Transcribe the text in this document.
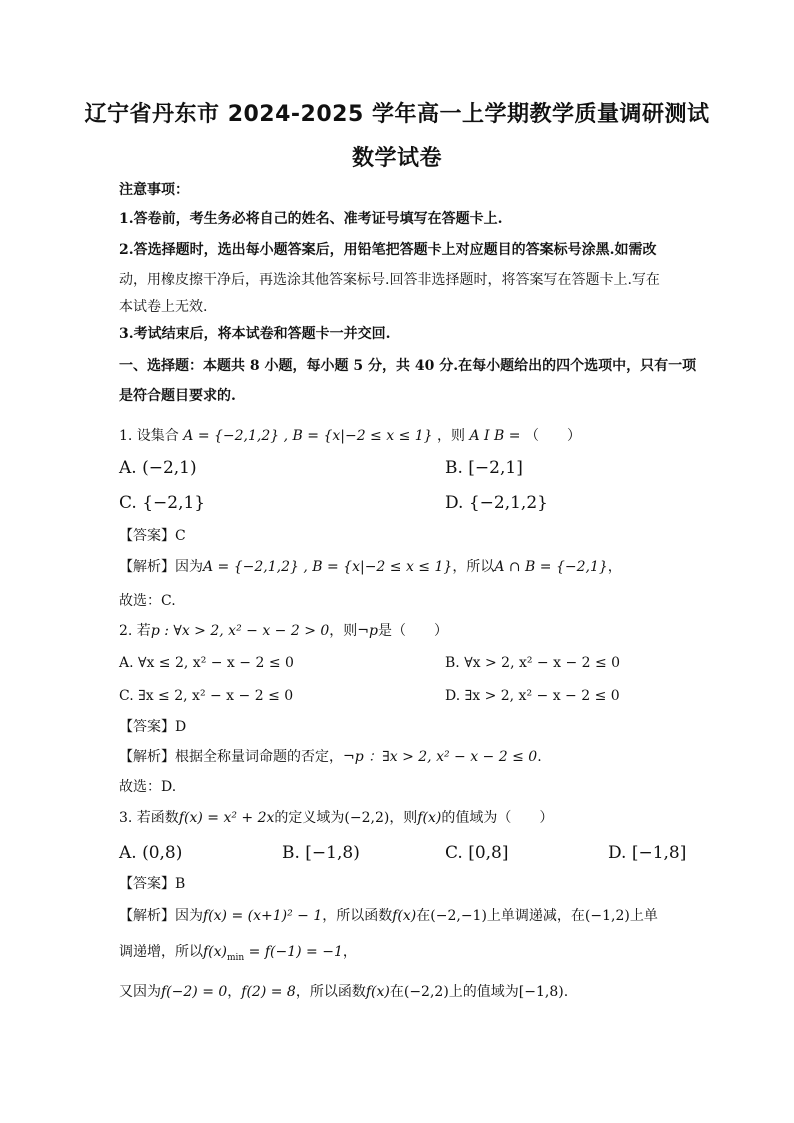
辽宁省丹东市 2024-2025 学年高一上学期教学质量调研测试
数学试卷
注意事项：
1.答卷前，考生务必将自己的姓名、准考证号填写在答题卡上.
2.答选择题时，选出每小题答案后，用铅笔把答题卡上对应题目的答案标号涂黑.如需改
动，用橡皮擦干净后，再选涂其他答案标号.回答非选择题时，将答案写在答题卡上.写在
本试卷上无效.
3.考试结束后，将本试卷和答题卡一并交回.
一、选择题：本题共 8 小题，每小题 5 分，共 40 分.在每小题给出的四个选项中，只有一项
是符合题目要求的.
1. 设集合 A = {−2,1,2} , B = {x|−2 ≤ x ≤ 1} ，则 A I B = （　　）
A. (−2,1)	B. [−2,1]
C. {−2,1}	D. {−2,1,2}
【答案】C
【解析】因为A = {−2,1,2} , B = {x|−2 ≤ x ≤ 1}，所以A ∩ B = {−2,1}，
故选：C.
2. 若p : ∀x > 2, x² − x − 2 > 0，则¬p是（　　）
A. ∀x ≤ 2, x² − x − 2 ≤ 0	B. ∀x > 2, x² − x − 2 ≤ 0
C. ∃x ≤ 2, x² − x − 2 ≤ 0	D. ∃x > 2, x² − x − 2 ≤ 0
【答案】D
【解析】根据全称量词命题的否定，¬p ：∃x > 2, x² − x − 2 ≤ 0.
故选：D.
3. 若函数f(x) = x² + 2x的定义域为(−2,2)，则f(x)的值域为（　　）
A. (0,8)	B. [−1,8)	C. [0,8]	D. [−1,8]
【答案】B
【解析】因为f(x) = (x+1)² − 1，所以函数f(x)在(−2,−1)上单调递减，在(−1,2)上单
调递增，所以$f(x)_{min} = f(-1) = -1$，
又因为f(−2) = 0，f(2) = 8，所以函数f(x)在(−2,2)上的值域为[−1,8).
